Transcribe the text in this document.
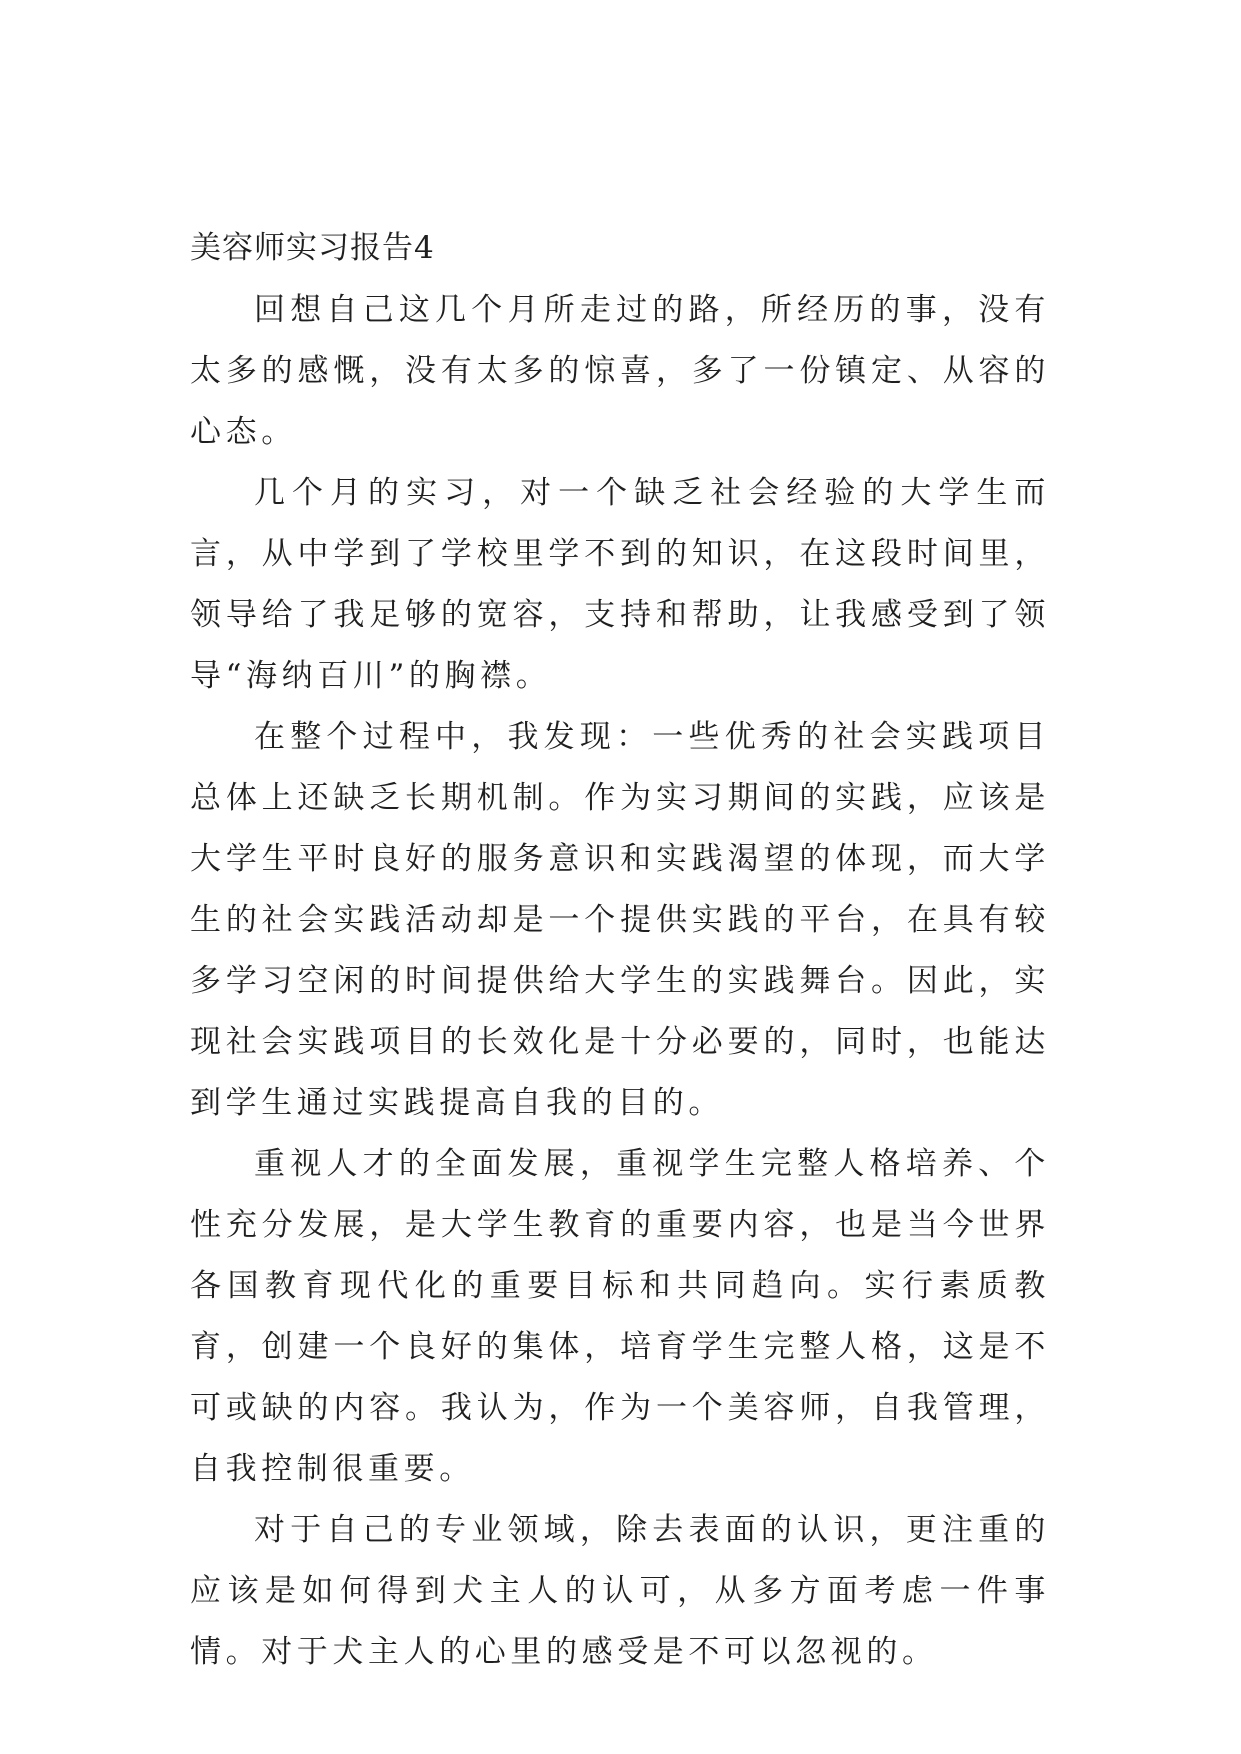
美容师实习报告4

回想自己这几个月所走过的路，所经历的事，没有太多的感慨，没有太多的惊喜，多了一份镇定、从容的心态。

几个月的实习，对一个缺乏社会经验的大学生而言，从中学到了学校里学不到的知识，在这段时间里，领导给了我足够的宽容，支持和帮助，让我感受到了领导“海纳百川”的胸襟。

在整个过程中，我发现：一些优秀的社会实践项目总体上还缺乏长期机制。作为实习期间的实践，应该是大学生平时良好的服务意识和实践渴望的体现，而大学生的社会实践活动却是一个提供实践的平台，在具有较多学习空闲的时间提供给大学生的实践舞台。因此，实现社会实践项目的长效化是十分必要的，同时，也能达到学生通过实践提高自我的目的。

重视人才的全面发展，重视学生完整人格培养、个性充分发展，是大学生教育的重要内容，也是当今世界各国教育现代化的重要目标和共同趋向。实行素质教育，创建一个良好的集体，培育学生完整人格，这是不可或缺的内容。我认为，作为一个美容师，自我管理，自我控制很重要。

对于自己的专业领域，除去表面的认识，更注重的应该是如何得到犬主人的认可，从多方面考虑一件事情。对于犬主人的心里的感受是不可以忽视的。
